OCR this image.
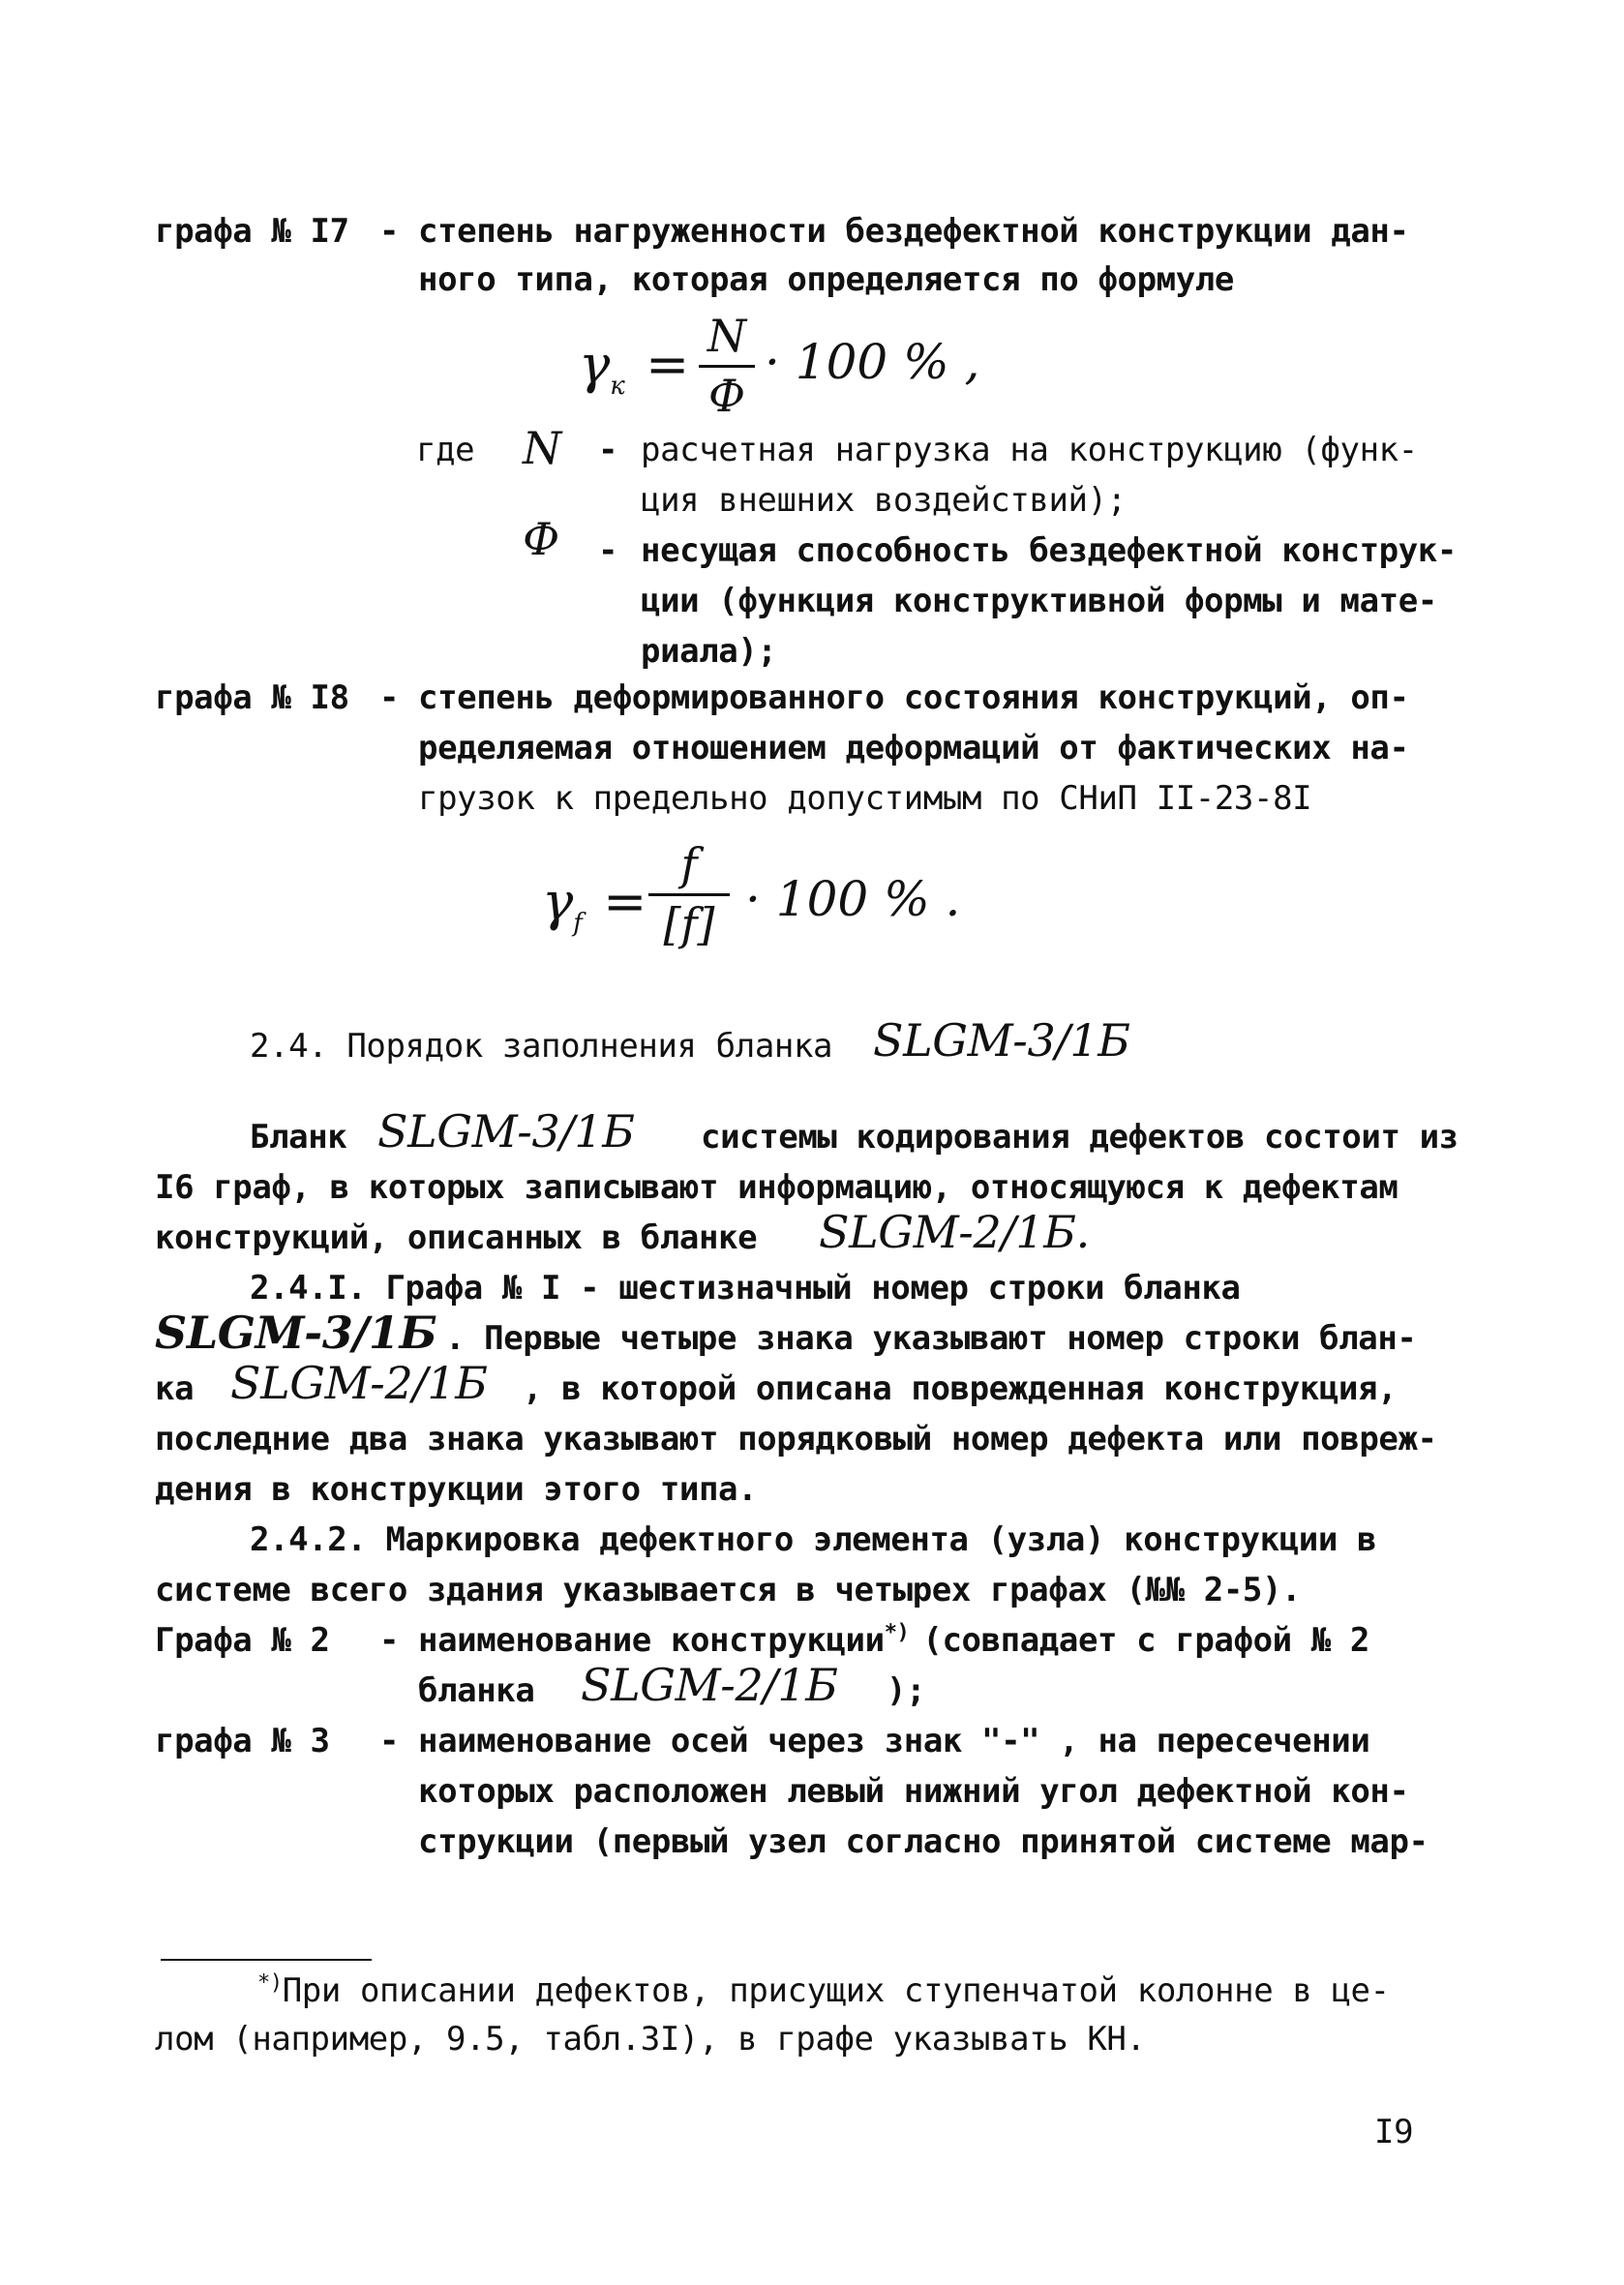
графа № I7 - степень нагруженности бездефектной конструкции дан-
ного типа, которая определяется по формуле
$\gamma_к = N$
Ф
· 100 % ,
где N - расчетная нагрузка на конструкцию (функ-
ция внешних воздействий);
Ф - несущая способность бездефектной конструк-
ции (функция конструктивной формы и мате-
риала);
графа № I8 - степень деформированного состояния конструкций, оп-
ределяемая отношением деформаций от фактических на-
грузок к предельно допустимым по СНиП II-23-8I
$\gamma_f$ =
f
[f] · 100 % .
2.4. Порядок заполнения бланка SLGM-3/1Б
Бланк SLGM-3/1Б системы кодирования дефектов состоит из
I6 граф, в которых записывают информацию, относящуюся к дефектам
конструкций, описанных в бланке SLGM-2/1Б.
2.4.I. Графа № I - шестизначный номер строки бланка
SLGM-3/1Б . Первые четыре знака указывают номер строки блан-
ка SLGM-2/1Б , в которой описана поврежденная конструкция,
последние два знака указывают порядковый номер дефекта или повреж-
дения в конструкции этого типа.
2.4.2. Маркировка дефектного элемента (узла) конструкции в
системе всего здания указывается в четырех графах (№№ 2-5).
Графа № 2 - наименование конструкции*) (совпадает с графой № 2
бланка SLGM-2/1Б );
графа № 3 - наименование осей через знак "-" , на пересечении
которых расположен левый нижний угол дефектной кон-
струкции (первый узел согласно принятой системе мар-
*)При описании дефектов, присущих ступенчатой колонне в це-
лом (например, 9.5, табл.3I), в графе указывать КН.
I9
